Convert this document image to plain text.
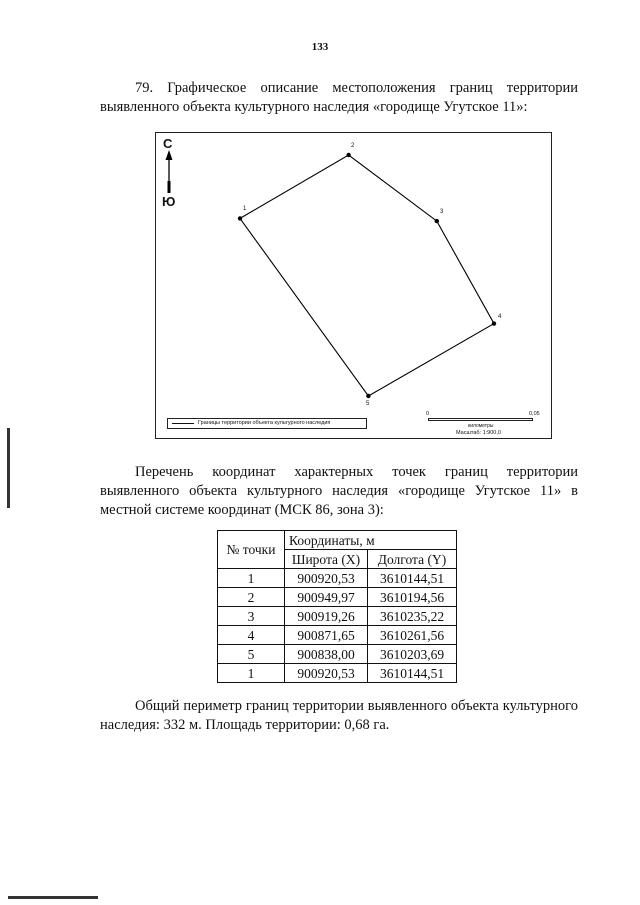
133

79. Графическое описание местоположения границ территории выявленного объекта культурного наследия «городище Угутское 11»:

С
Ю	1
2
3
4
5
Границы территории объекта культурного наследия
0	0,05
километры
Масштаб: 1:900,0

Перечень координат характерных точек границ территории выявленного объекта культурного наследия «городище Угутское 11» в местной системе координат (МСК 86, зона 3):

№ точки	Координаты, м	
	Широта (X)	Долгота (Y)
1	900920,53	3610144,51
2	900949,97	3610194,56
3	900919,26	3610235,22
4	900871,65	3610261,56
5	900838,00	3610203,69
1	900920,53	3610144,51

Общий периметр границ территории выявленного объекта культурного наследия: 332 м. Площадь территории: 0,68 га.
